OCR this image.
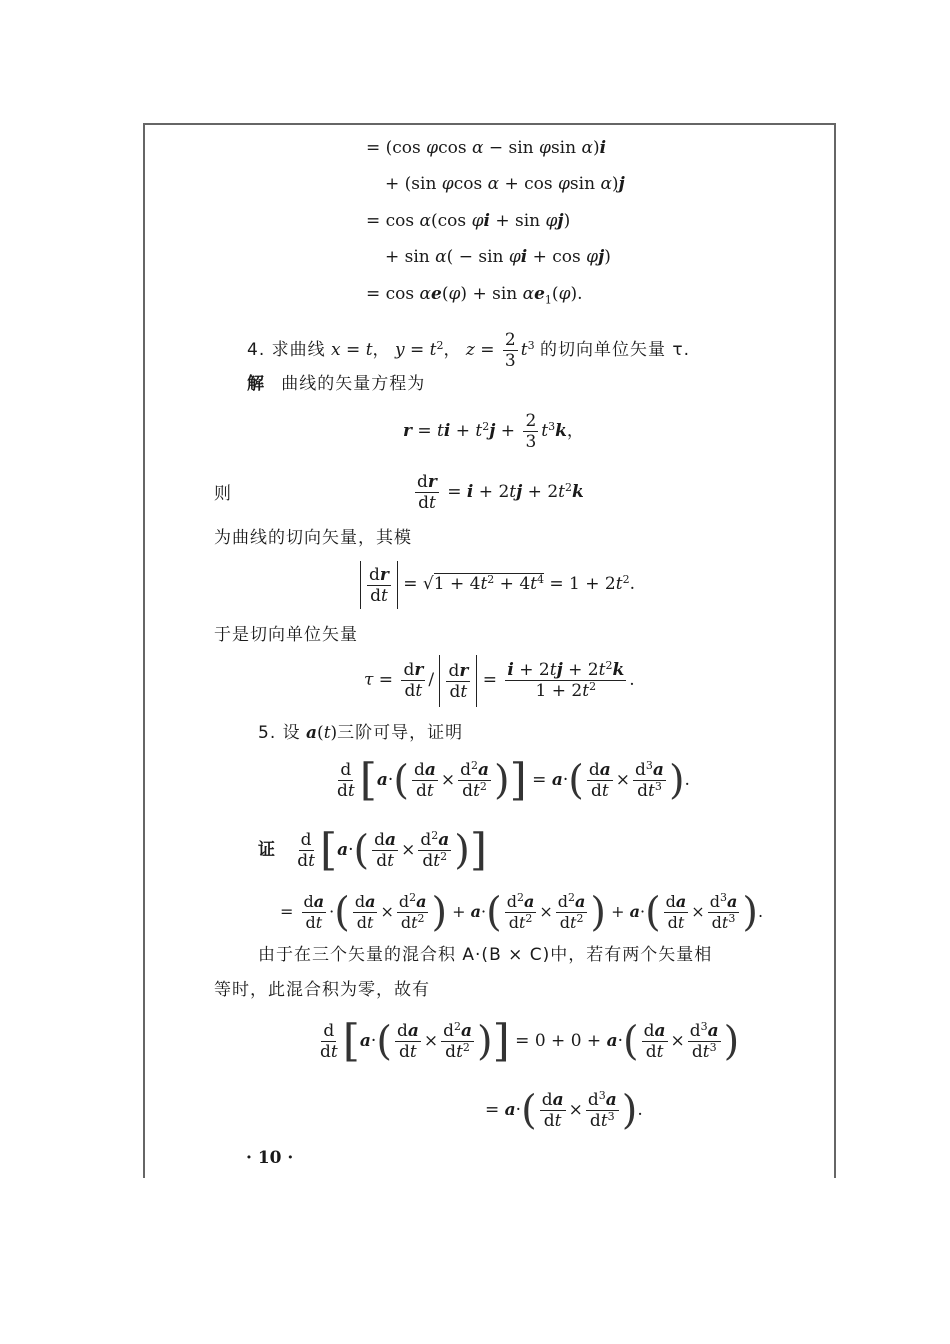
= (cos φcos α − sin φsin α)i
+ (sin φcos α + cos φsin α)j
= cos α(cos φi + sin φj)
+ sin α( − sin φi + cos φj)
= $\cos \alpha e(\varphi) + \sin \alpha e_1(\varphi)$.
4. 求曲线 x = t， $y = t^2$， $z = \frac{2}{3} t^3$ 的切向单位矢量 τ.
解 曲线的矢量方程为
r = ti + $t^2j + \frac{2}{3} t^3k$，
则	$\frac{dr}{dt} = i + 2tj + 2t^2k$
为曲线的切向矢量，其模
$\frac{dr}{dt} = √1 + 4t^2 + 4t^4 = 1 + 2t^2$.
于是切向单位矢量
$\tau = \frac{dr}{dt} / \frac{dr}{dt} = \frac{i + 2tj + 2t^2k}{1 + 2t^2}$ .
5. 设 a(t)三阶可导，证明
$\frac{d}{dt} [a\cdot( \frac{da}{dt} \times \frac{d^2a}{dt^2}$ )] = $a\cdot( \frac{da}{dt} \times \frac{d^3a}{dt^3}$ ).
证 $\frac{d}{dt} [a\cdot( \frac{da}{dt} \times \frac{d^2a}{dt^2}$ )]
= $\frac{da}{dt}$ ·( $\frac{da}{dt} \times \frac{d^2a}{dt^2}$ ) + $a\cdot( \frac{d^2a}{dt^2} \times \frac{d^2a}{dt^2}$ ) + $a\cdot( \frac{da}{dt} \times \frac{d^3a}{dt^3}$ ).
由于在三个矢量的混合积 A·(B × C)中，若有两个矢量相
等时，此混合积为零，故有
$\frac{d}{dt} [a\cdot( \frac{da}{dt} \times \frac{d^2a}{dt^2}$ )] = $0 + 0 + a\cdot( \frac{da}{dt} \times \frac{d^3a}{dt^3}$ )
= $a\cdot( \frac{da}{dt} \times \frac{d^3a}{dt^3}$ ).
· 10 ·
